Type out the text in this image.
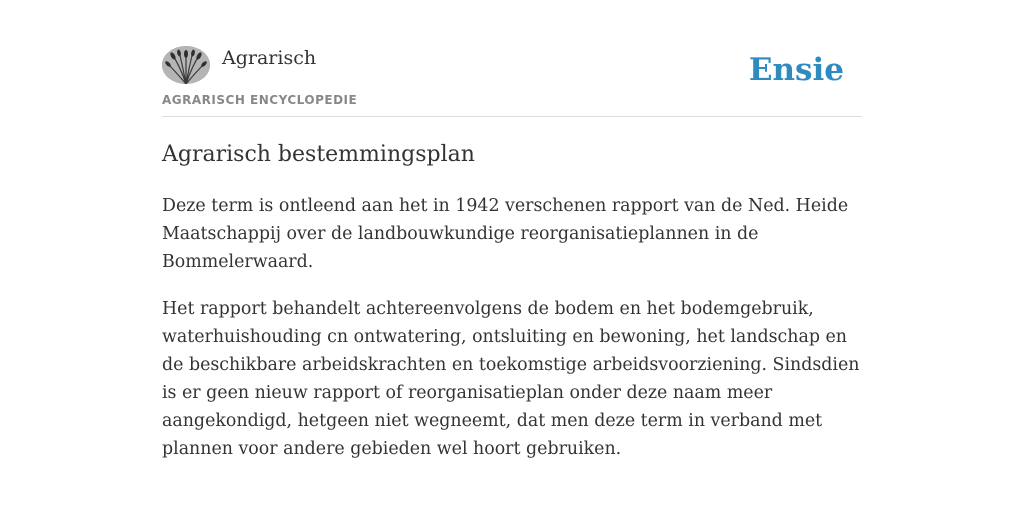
Agrarisch
AGRARISCH ENCYCLOPEDIE
Ensie
Agrarisch bestemmingsplan

Deze term is ontleend aan het in 1942 verschenen rapport van de Ned. Heide Maatschappij over de landbouwkundige reorganisatieplannen in de Bommelerwaard.

Het rapport behandelt achtereenvolgens de bodem en het bodemgebruik, waterhuishouding cn ontwatering, ontsluiting en bewoning, het landschap en de beschikbare arbeidskrachten en toekomstige arbeidsvoorziening. Sindsdien is er geen nieuw rapport of reorganisatieplan onder deze naam meer aangekondigd, hetgeen niet wegneemt, dat men deze term in verband met plannen voor andere gebieden wel hoort gebruiken.
